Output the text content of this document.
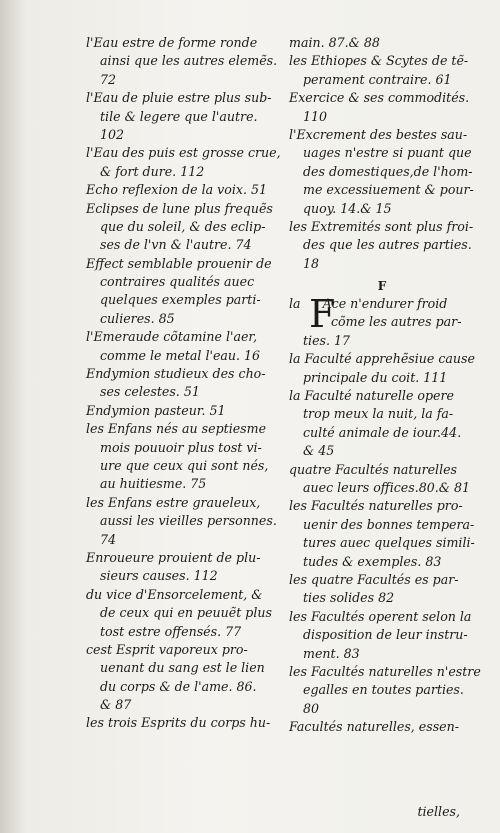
l'Eau estre de forme ronde
ainsi que les autres elemẽs.
72
l'Eau de pluie estre plus sub-
tile & legere que l'autre.
102
l'Eau des puis est grosse crue,
& fort dure. 112
Echo reflexion de la voix. 51
Eclipses de lune plus frequẽs
que du soleil, & des eclip-
ses de l'vn & l'autre. 74
Effect semblable prouenir de
contraires qualités auec
quelques exemples parti-
culieres. 85
l'Emeraude cõtamine l'aer,
comme le metal l'eau. 16
Endymion studieux des cho-
ses celestes. 51
Endymion pasteur. 51
les Enfans nés au septiesme
mois pouuoir plus tost vi-
ure que ceux qui sont nés,
au huitiesme. 75
les Enfans estre graueleux,
aussi les vieilles personnes.
74
Enroueure prouient de plu-
sieurs causes. 112
du vice d'Ensorcelement, &
de ceux qui en peuuẽt plus
tost estre offensés. 77
cest Esprit vaporeux pro-
uenant du sang est le lien
du corps & de l'ame. 86.
& 87
les trois Esprits du corps hu-
main. 87.& 88
les Ethiopes & Scytes de tẽ-
perament contraire. 61
Exercice & ses commodités.
110
l'Excrement des bestes sau-
uages n'estre si puant que
des domestiques,de l'hom-
me excessiuement & pour-
quoy. 14.& 15
les Extremités sont plus froi-
des que les autres parties.
18
F
F
la Ace n'endurer froid
cõme les autres par-
ties. 17
la Faculté apprehẽsiue cause
principale du coit. 111
la Faculté naturelle opere
trop meux la nuit, la fa-
culté animale de iour.44.
& 45
quatre Facultés naturelles
auec leurs offices.80.& 81
les Facultés naturelles pro-
uenir des bonnes tempera-
tures auec quelques simili-
tudes & exemples. 83
les quatre Facultés es par-
ties solides 82
les Facultés operent selon la
disposition de leur instru-
ment. 83
les Facultés naturelles n'estre
egalles en toutes parties.
80
Facultés naturelles, essen-
tielles,
